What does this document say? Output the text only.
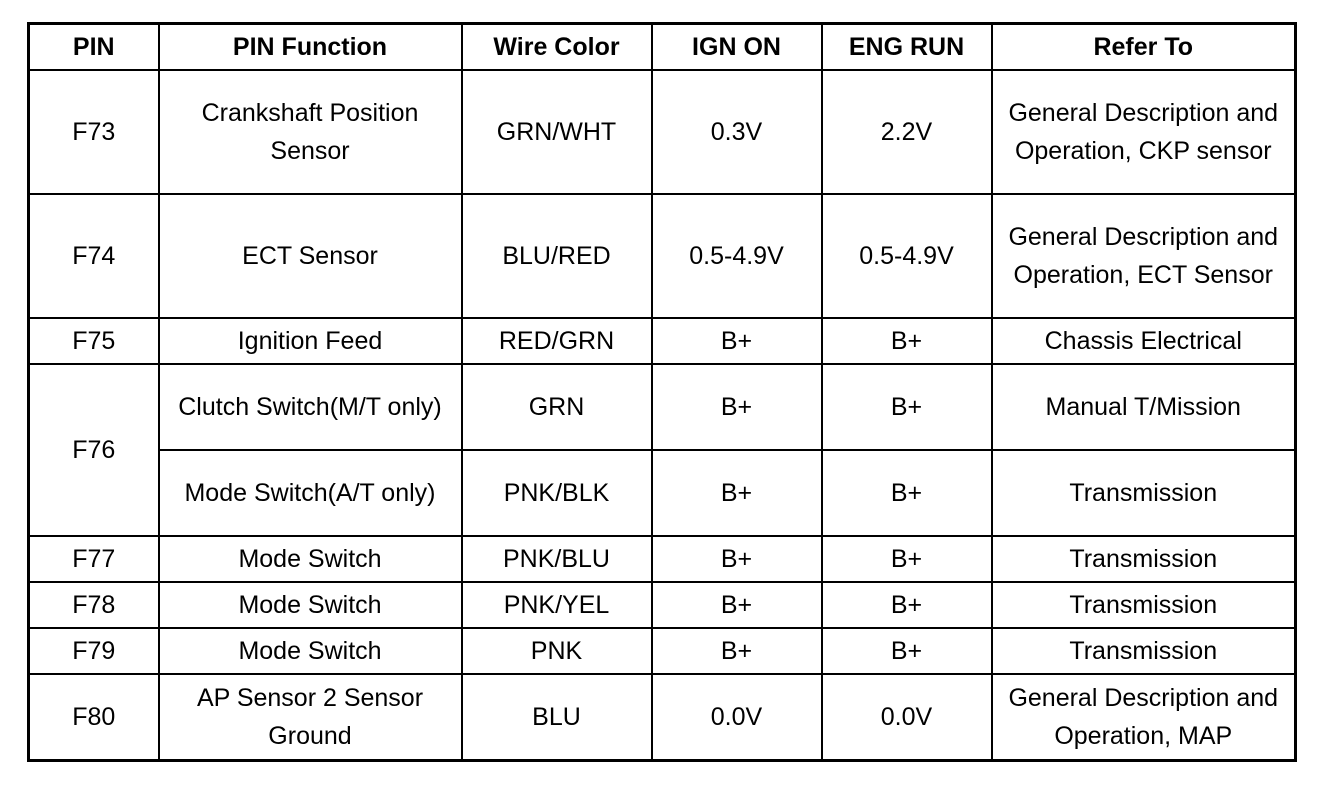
PIN	PIN Function	Wire Color	IGN ON	ENG RUN	Refer To
F73	Crankshaft Position Sensor	GRN/WHT	0.3V	2.2V	General Description and Operation, CKP sensor
F74	ECT Sensor	BLU/RED	0.5-4.9V	0.5-4.9V	General Description and Operation, ECT Sensor
F75	Ignition Feed	RED/GRN	B+	B+	Chassis Electrical
F76	Clutch Switch(M/T only)	GRN	B+	B+	Manual T/Mission
	Mode Switch(A/T only)	PNK/BLK	B+	B+	Transmission
F77	Mode Switch	PNK/BLU	B+	B+	Transmission
F78	Mode Switch	PNK/YEL	B+	B+	Transmission
F79	Mode Switch	PNK	B+	B+	Transmission
F80	AP Sensor 2 Sensor Ground	BLU	0.0V	0.0V	General Description and Operation, MAP
